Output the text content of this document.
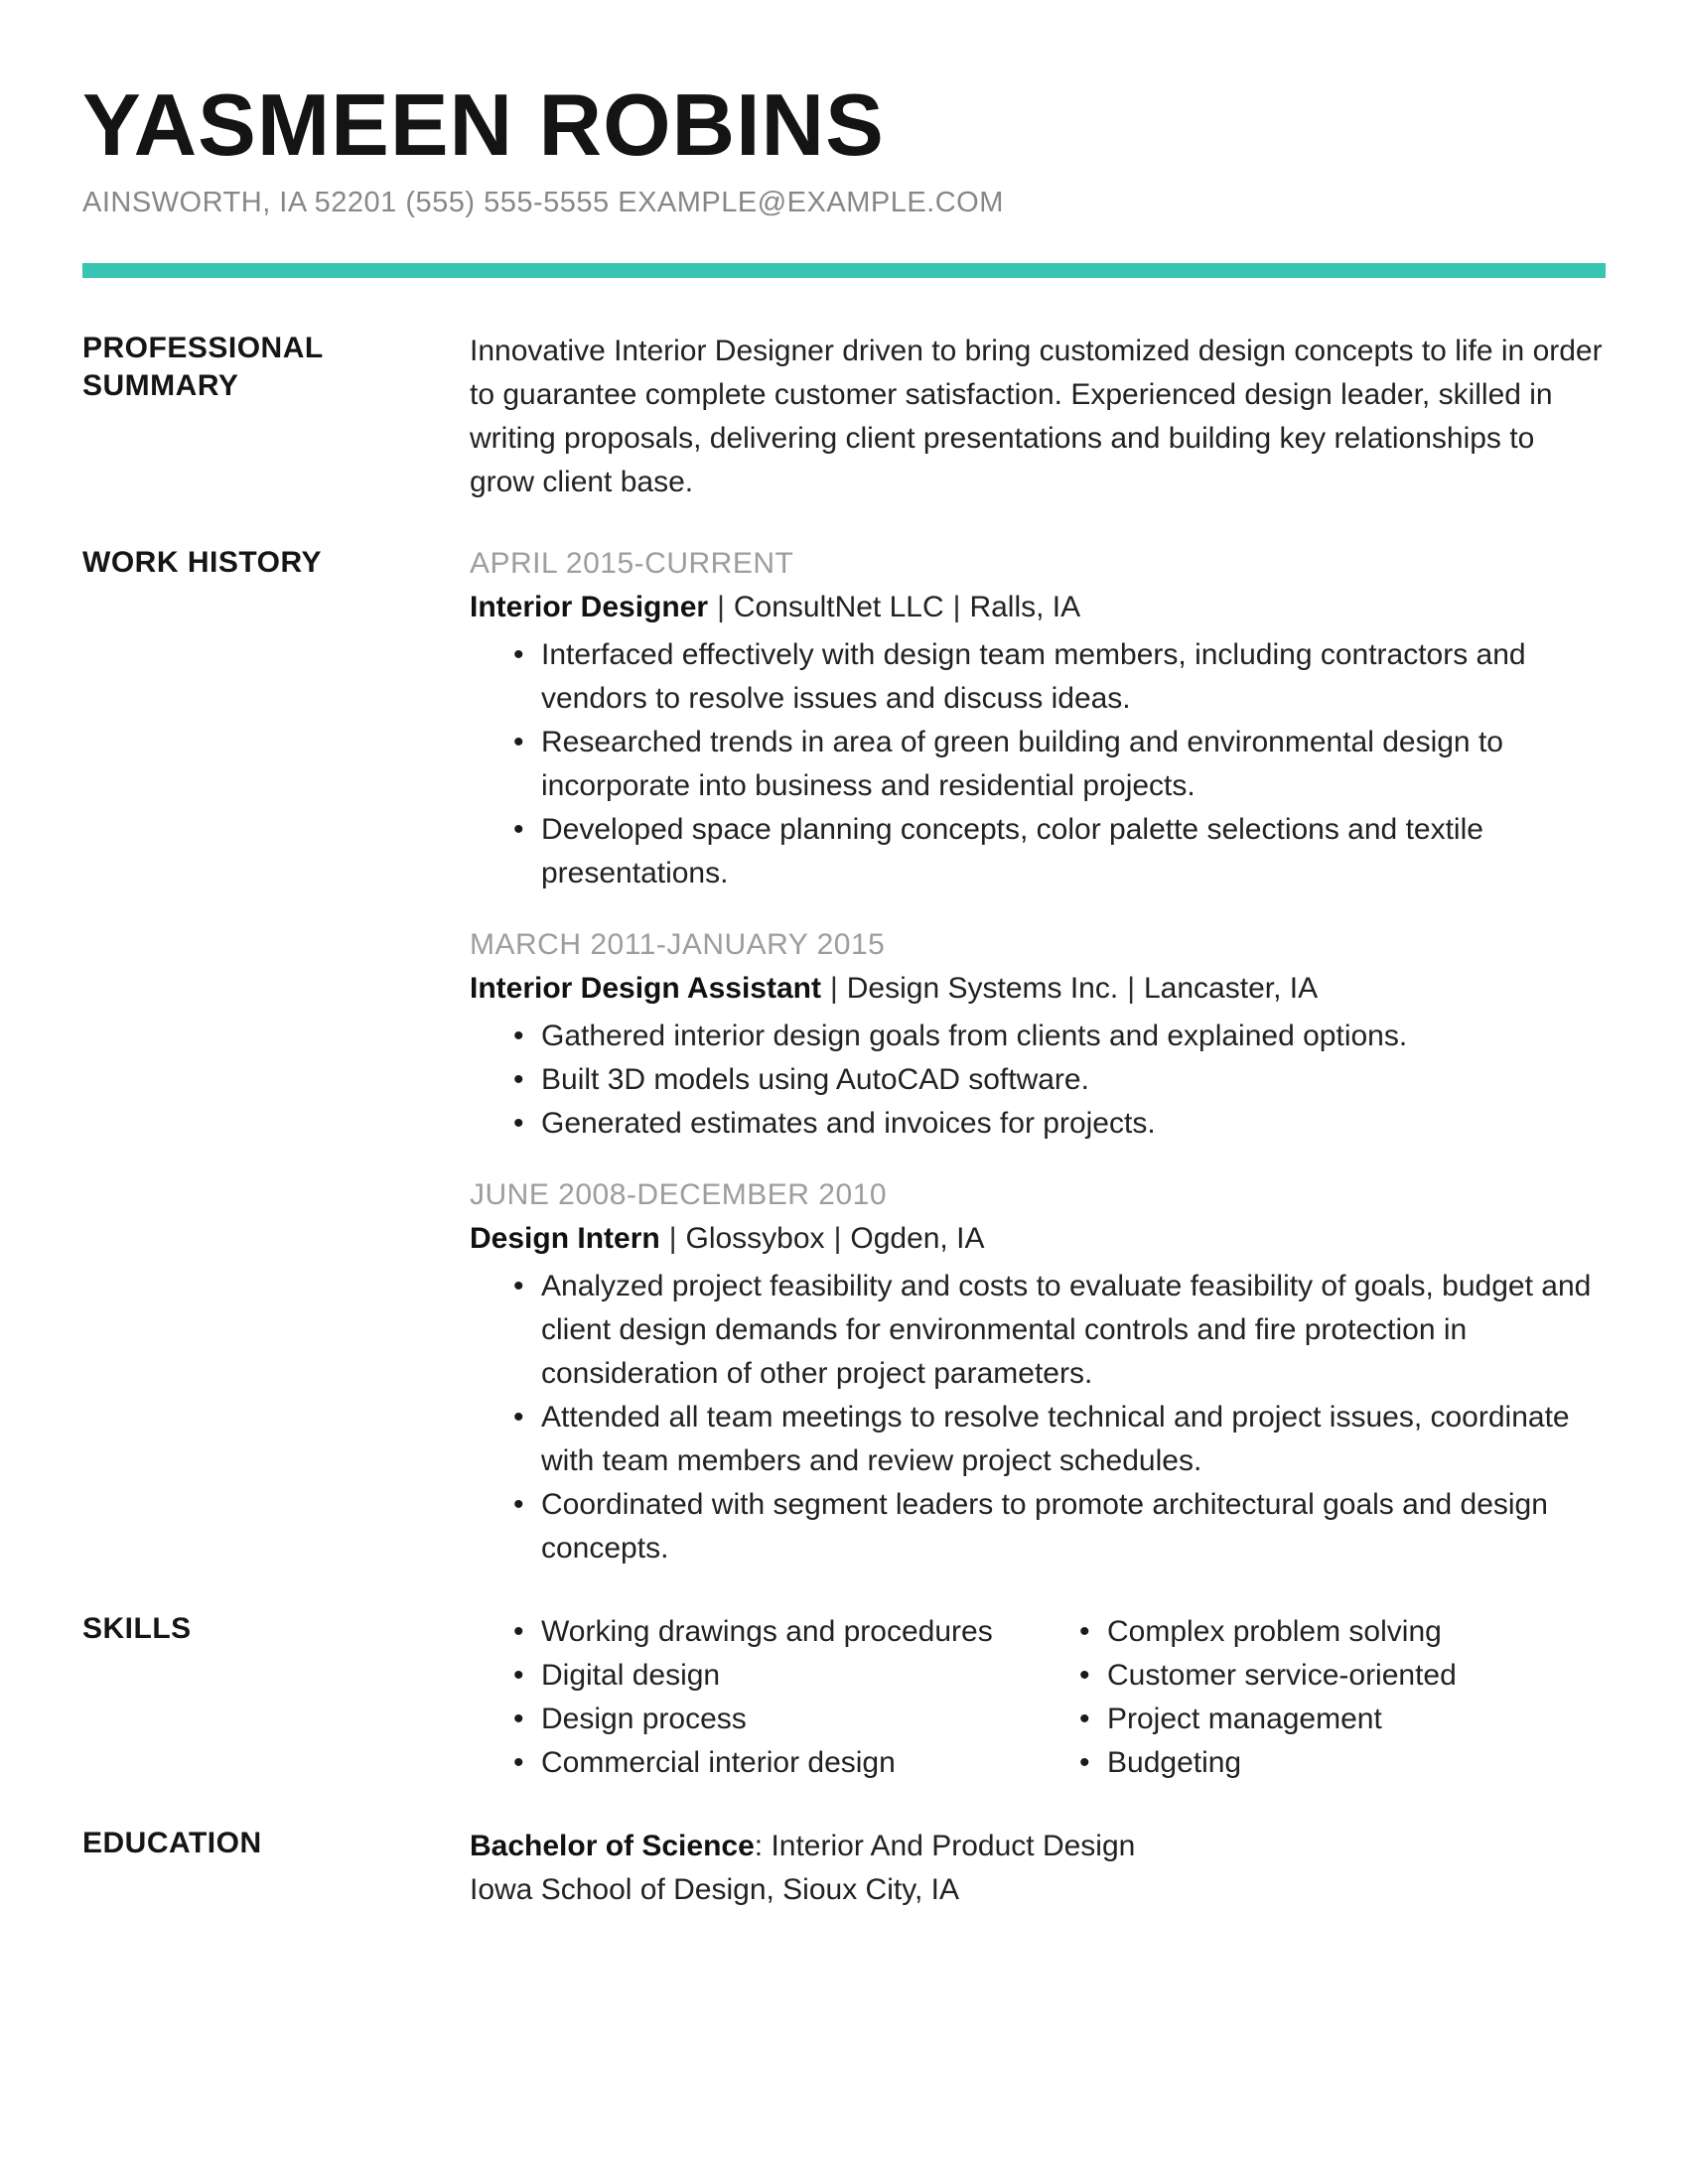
YASMEEN ROBINS
AINSWORTH, IA 52201 (555) 555-5555 EXAMPLE@EXAMPLE.COM
PROFESSIONAL SUMMARY
Innovative Interior Designer driven to bring customized design concepts to life in order to guarantee complete customer satisfaction. Experienced design leader, skilled in writing proposals, delivering client presentations and building key relationships to grow client base.
WORK HISTORY	APRIL 2015-CURRENT
Interior Designer | ConsultNet LLC | Ralls, IA
• Interfaced effectively with design team members, including contractors and vendors to resolve issues and discuss ideas.
• Researched trends in area of green building and environmental design to incorporate into business and residential projects.
• Developed space planning concepts, color palette selections and textile presentations.
MARCH 2011-JANUARY 2015
Interior Design Assistant | Design Systems Inc. | Lancaster, IA
• Gathered interior design goals from clients and explained options.
• Built 3D models using AutoCAD software.
• Generated estimates and invoices for projects.
JUNE 2008-DECEMBER 2010
Design Intern | Glossybox | Ogden, IA
• Analyzed project feasibility and costs to evaluate feasibility of goals, budget and client design demands for environmental controls and fire protection in consideration of other project parameters.
• Attended all team meetings to resolve technical and project issues, coordinate with team members and review project schedules.
• Coordinated with segment leaders to promote architectural goals and design concepts.
SKILLS	• Working drawings and procedures
• Digital design
• Design process
• Commercial interior design
• Complex problem solving
• Customer service-oriented
• Project management
• Budgeting
EDUCATION	Bachelor of Science: Interior And Product Design
Iowa School of Design, Sioux City, IA
